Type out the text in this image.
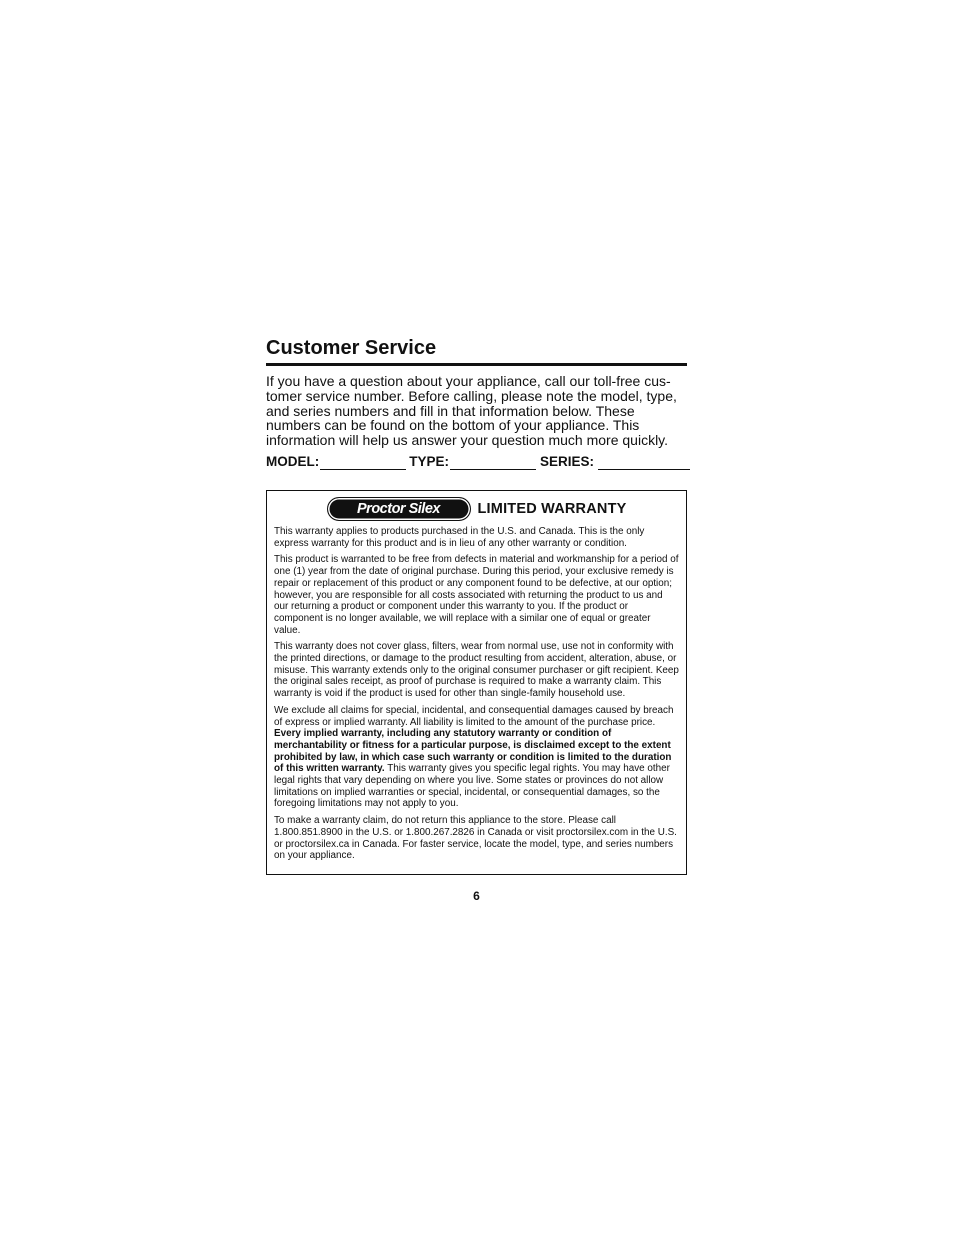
Customer Service

If you have a question about your appliance, call our toll-free cus-tomer service number. Before calling, please note the model, type, and series numbers and fill in that information below. These numbers can be found on the bottom of your appliance. This information will help us answer your question much more quickly.

MODEL:	TYPE:	SERIES:
Proctor Silex	LIMITED WARRANTY

This warranty applies to products purchased in the U.S. and Canada. This is the only express warranty for this product and is in lieu of any other warranty or condition.

This product is warranted to be free from defects in material and workmanship for a period of one (1) year from the date of original purchase. During this period, your exclusive remedy is repair or replacement of this product or any component found to be defective, at our option; however, you are responsible for all costs associated with returning the product to us and our returning a product or component under this warranty to you. If the product or component is no longer available, we will replace with a similar one of equal or greater value.

This warranty does not cover glass, filters, wear from normal use, use not in conformity with the printed directions, or damage to the product resulting from accident, alteration, abuse, or misuse. This warranty extends only to the original consumer purchaser or gift recipient. Keep the original sales receipt, as proof of purchase is required to make a warranty claim. This warranty is void if the product is used for other than single-family household use.

We exclude all claims for special, incidental, and consequential damages caused by breach of express or implied warranty. All liability is limited to the amount of the purchase price. Every implied warranty, including any statutory warranty or condition of merchantability or fitness for a particular purpose, is disclaimed except to the extent prohibited by law, in which case such warranty or condition is limited to the duration of this written warranty. This warranty gives you specific legal rights. You may have other legal rights that vary depending on where you live. Some states or provinces do not allow limitations on implied warranties or special, incidental, or consequential damages, so the foregoing limitations may not apply to you.

To make a warranty claim, do not return this appliance to the store. Please call 1.800.851.8900 in the U.S. or 1.800.267.2826 in Canada or visit proctorsilex.com in the U.S. or proctorsilex.ca in Canada. For faster service, locate the model, type, and series numbers on your appliance.

6
